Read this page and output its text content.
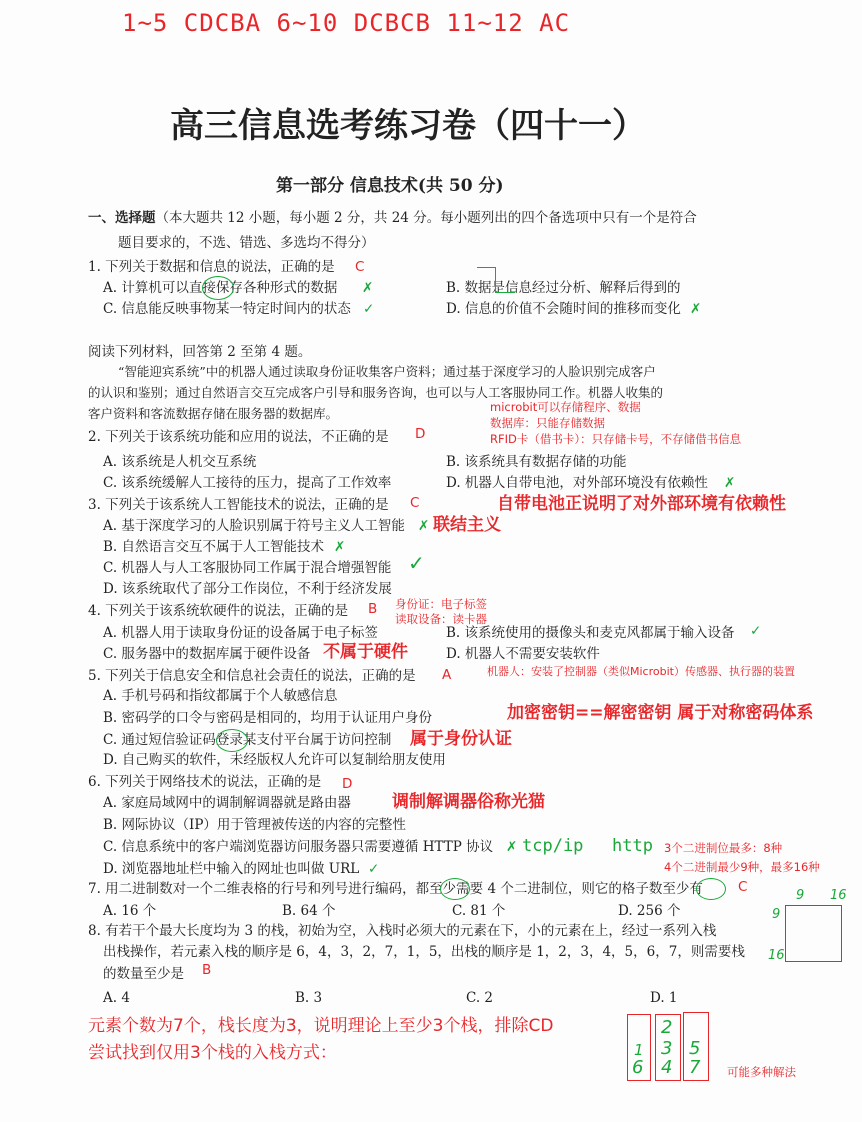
1~5 CDCBA 6~10 DCBCB 11~12 AC
高三信息选考练习卷（四十一）
第一部分 信息技术(共 50 分)
一、选择题（本大题共 12 小题，每小题 2 分，共 24 分。每小题列出的四个备选项中只有一个是符合
题目要求的，不选、错选、多选均不得分）
1. 下列关于数据和信息的说法，正确的是 C
A. 计算机可以直接保存各种形式的数据 ✗	B. 数据是信息经过分析、解释后得到的
C. 信息能反映事物某一特定时间内的状态 ✓	D. 信息的价值不会随时间的推移而变化 ✗
阅读下列材料，回答第 2 至第 4 题。
“智能迎宾系统”中的机器人通过读取身份证收集客户资料；通过基于深度学习的人脸识别完成客户
的认识和鉴别；通过自然语言交互完成客户引导和服务咨询，也可以与人工客服协同工作。机器人收集的
客户资料和客流数据存储在服务器的数据库。	microbit可以存储程序、数据
数据库：只能存储数据
RFID卡（借书卡）：只存储卡号，不存储借书信息
2. 下列关于该系统功能和应用的说法，不正确的是 D
A. 该系统是人机交互系统	B. 该系统具有数据存储的功能
C. 该系统缓解人工接待的压力，提高了工作效率	D. 机器人自带电池，对外部环境没有依赖性 ✗
3. 下列关于该系统人工智能技术的说法，正确的是 C	自带电池正说明了对外部环境有依赖性
A. 基于深度学习的人脸识别属于符号主义人工智能 ✗ 联结主义
B. 自然语言交互不属于人工智能技术 ✗
C. 机器人与人工客服协同工作属于混合增强智能 ✓
D. 该系统取代了部分工作岗位，不利于经济发展
4. 下列关于该系统软硬件的说法，正确的是 B 身份证：电子标签
读取设备：读卡器
A. 机器人用于读取身份证的设备属于电子标签	B. 该系统使用的摄像头和麦克风都属于输入设备 ✓
C. 服务器中的数据库属于硬件设备 不属于硬件	D. 机器人不需要安装软件
5. 下列关于信息安全和信息社会责任的说法，正确的是 A	机器人：安装了控制器（类似Microbit）传感器、执行器的装置
A. 手机号码和指纹都属于个人敏感信息
B. 密码学的口令与密码是相同的，均用于认证用户身份	加密密钥==解密密钥 属于对称密码体系
C. 通过短信验证码登录某支付平台属于访问控制 属于身份认证
D. 自己购买的软件，未经版权人允许可以复制给朋友使用
6. 下列关于网络技术的说法，正确的是 D
A. 家庭局域网中的调制解调器就是路由器 调制解调器俗称光猫
B. 网际协议（IP）用于管理被传送的内容的完整性
C. 信息系统中的客户端浏览器访问服务器只需要遵循 HTTP 协议 ✗ tcp/ip http 3个二进制位最多：8种
D. 浏览器地址栏中输入的网址也叫做 URL ✓	4个二进制最少9种，最多16种
7. 用二进制数对一个二维表格的行号和列号进行编码，都至少需要 4 个二进制位，则它的格子数至少有	C
A. 16 个	B. 64 个	C. 81 个	D. 256 个
9 16
9
16
8. 有若干个最大长度均为 3 的栈，初始为空，入栈时必须大的元素在下，小的元素在上，经过一系列入栈
出栈操作，若元素入栈的顺序是 6，4，3，2，7，1，5，出栈的顺序是 1，2，3，4，5，6，7，则需要栈
的数量至少是 B
A. 4	B. 3	C. 2	D. 1
元素个数为7个，栈长度为3，说明理论上至少3个栈，排除CD
尝试找到仅用3个栈的入栈方式：	1
6
2
3
4
5
7 可能多种解法
